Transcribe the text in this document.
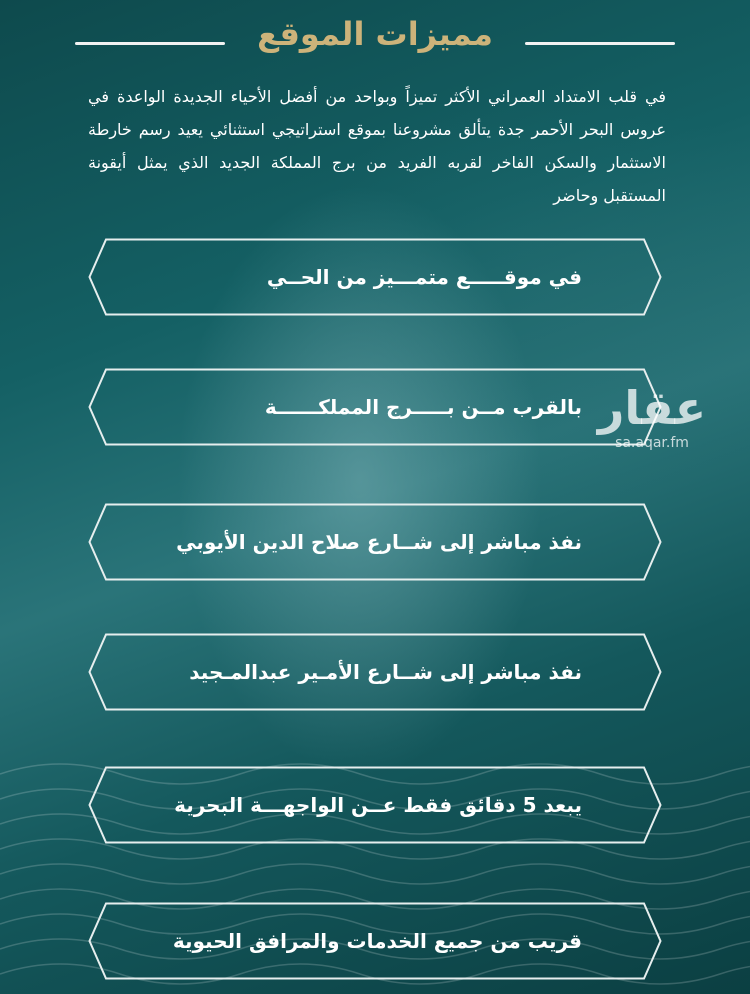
مميزات الموقع
في قلب الامتداد العمراني الأكثر تميزاً وبواحد من أفضل الأحياء الجديدة الواعدة في عروس البحر الأحمر جدة يتألق مشروعنا بموقع استراتيجي استثنائي يعيد رسم خارطة الاستثمار والسكن الفاخر لقربه الفريد من برج المملكة الجديد الذي يمثل أيقونة المستقبل وحاضر
في موقـــــع متمـــيز من الحــي
بالقرب مــن بـــــرج المملكــــــة
نفذ مباشر إلى شــارع صلاح الدين الأيوبي
نفذ مباشر إلى شــارع الأمـير عبدالمـجيد
يبعد 5 دقائق فقط عــن الواجهـــة البحرية
قريب من جميع الخدمات والمرافق الحيوية
عقار
sa.aqar.fm
